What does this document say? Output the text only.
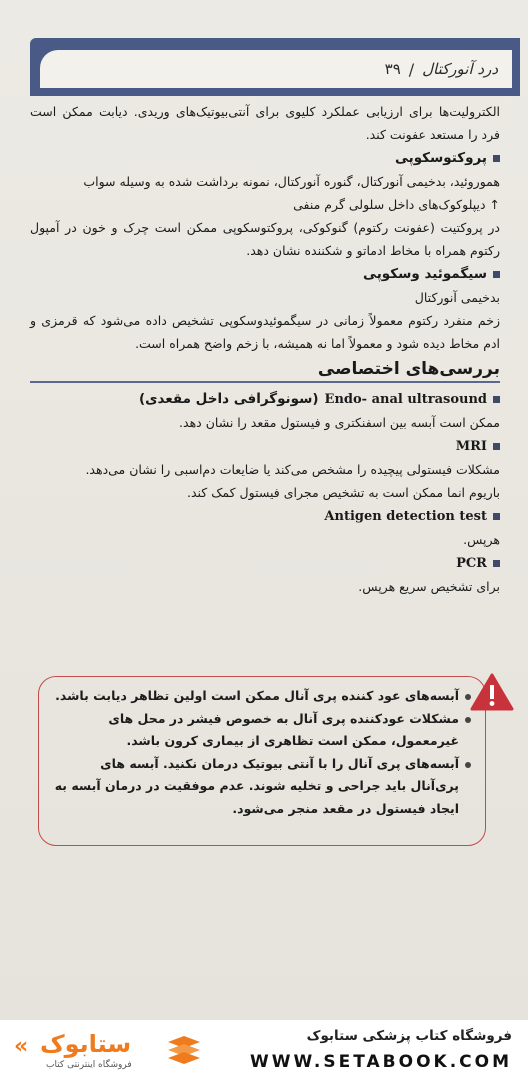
درد آنورکتال
/
۳۹

الکترولیت‌ها برای ارزیابی عملکرد کلیوی برای آنتی‌بیوتیک‌های وریدی. دیابت ممکن است فرد را مستعد عفونت کند.

پروکتوسکوپی

هموروئید، بدخیمی آنورکتال، گنوره آنورکتال، نمونه برداشت شده به وسیله سواب

↑ دیپلوکوک‌های داخل سلولی گرم منفی

در پروکتیت (عفونت رکتوم) گنوکوکی، پروکتوسکوپی ممکن است چرک و خون در آمپول رکتوم همراه با مخاط ادماتو و شکننده نشان دهد.

سیگموئید وسکوپی

بدخیمی آنورکتال

زخم منفرد رکتوم معمولاً زمانی در سیگموئیدوسکوپی تشخیص داده می‌شود که قرمزی و ادم مخاط دیده شود و معمولاً اما نه همیشه، با زخم واضح همراه است.

بررسی‌های اختصاصی
Endo- anal ultrasound
(سونوگرافی داخل مقعدی)

ممکن است آبسه بین اسفنکتری و فیستول مقعد را نشان دهد.

MRI

مشکلات فیستولی پیچیده را مشخص می‌کند یا ضایعات دم‌اسبی را نشان می‌دهد.

باریوم انما ممکن است به تشخیص مجرای فیستول کمک کند.

Antigen detection test

هرپس.

PCR

برای تشخیص سریع هرپس.

آبسه‌های عود کننده پری آنال ممکن است اولین تظاهر دیابت باشد.
مشکلات عودکننده پری آنال به خصوص فیشر در محل های غیرمعمول، ممکن است تظاهری از بیماری کرون باشد.
آبسه‌های پری آنال را با آنتی بیوتیک درمان نکنید. آبسه های پری‌آنال باید جراحی و تخلیه شوند. عدم موفقیت در درمان آبسه به ایجاد فیستول در مقعد منجر می‌شود.
« ستابوک
فروشگاه اینترنتی کتاب
فروشگاه کتاب پزشکی ستابوک
WWW.SETABOOK.COM
